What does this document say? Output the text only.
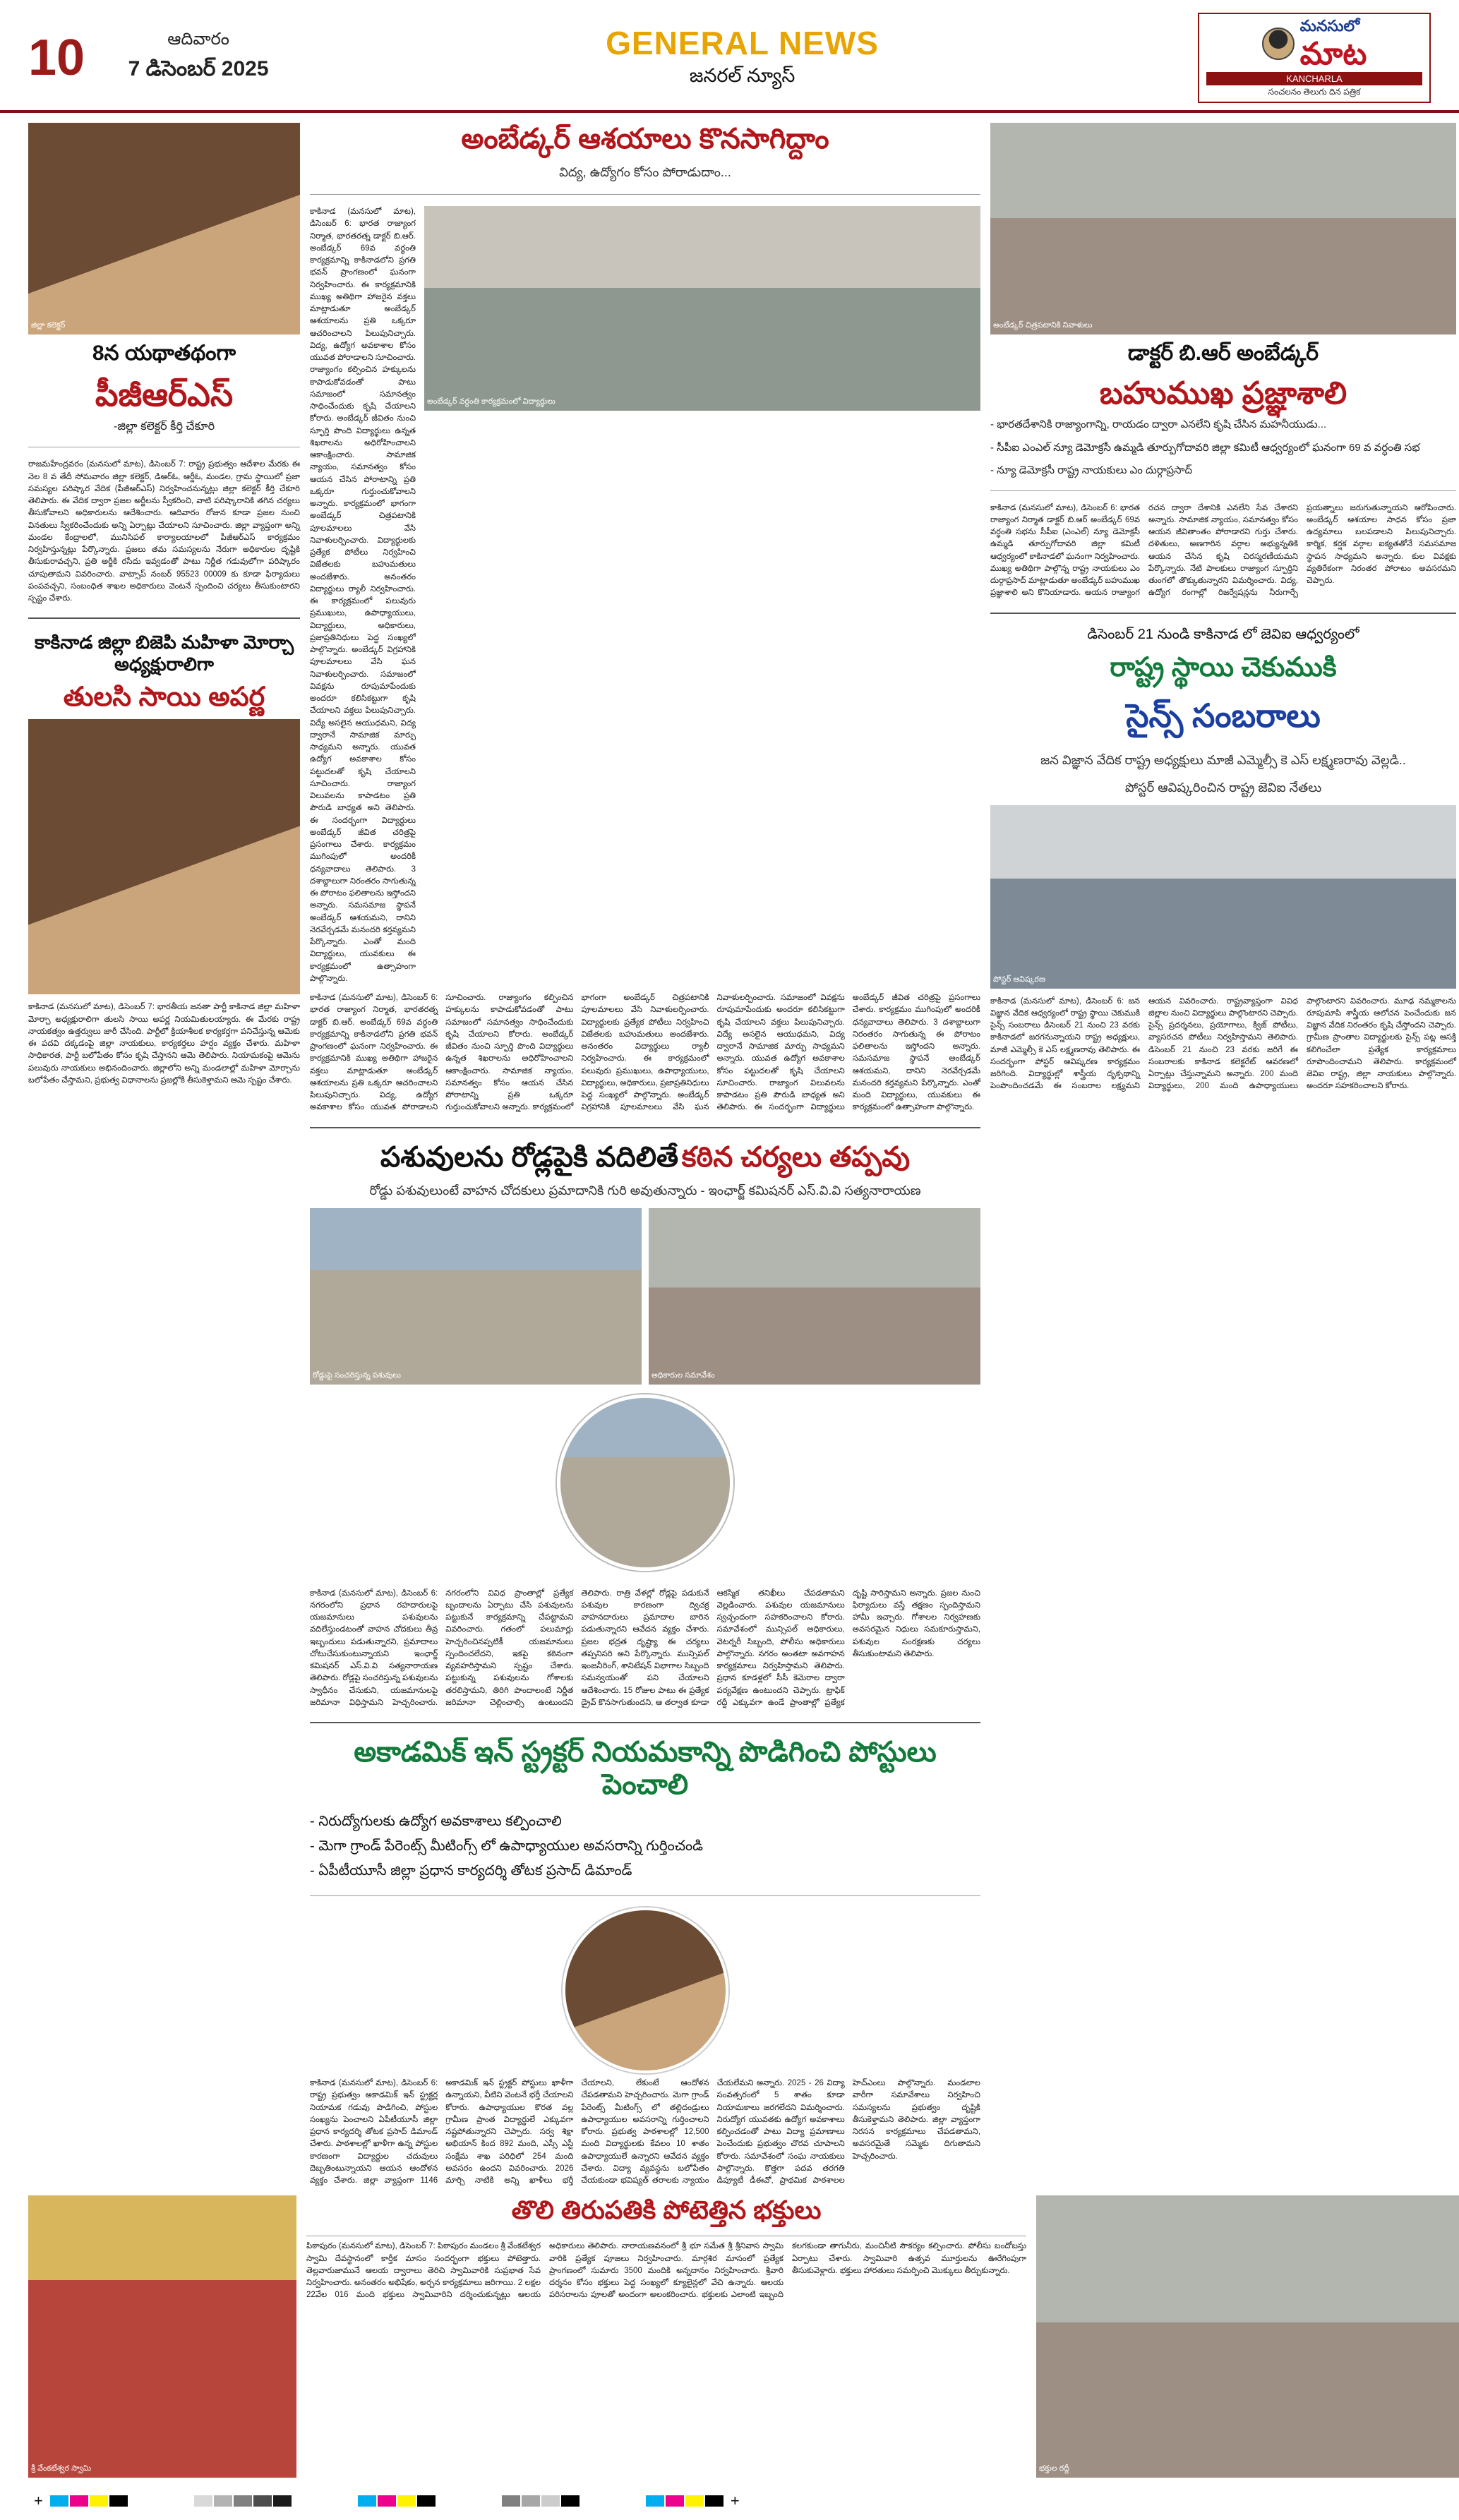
10	ఆదివారం
7 డిసెంబర్ 2025
GENERAL NEWS
జనరల్ న్యూస్
మనసులో
మాట
KANCHARLA
సంచలనం తెలుగు దిన పత్రిక
జిల్లా కలెక్టర్
8న యథాతథంగా
పీజీఆర్ఎస్
-జిల్లా కలెక్టర్ కీర్తి చేకూరి
రాజమహేంద్రవరం (మనసులో మాట), డిసెంబర్ 7: రాష్ట్ర ప్రభుత్వం ఆదేశాల మేరకు ఈ నెల 8 వ తేదీ సోమవారం జిల్లా కలెక్టర్, డిఆర్ఓ, ఆర్డీఓ, మండల, గ్రామ స్థాయిలో ప్రజా సమస్యల పరిష్కార వేదిక (పీజీఆర్ఎస్) నిర్వహించనున్నట్లు జిల్లా కలెక్టర్ కీర్తి చేకూరి తెలిపారు. ఈ వేదిక ద్వారా ప్రజల అర్జీలను స్వీకరించి, వాటి పరిష్కారానికి తగిన చర్యలు తీసుకోవాలని అధికారులను ఆదేశించారు. ఆదివారం రోజున కూడా ప్రజల నుంచి వినతులు స్వీకరించేందుకు అన్ని ఏర్పాట్లు చేయాలని సూచించారు. జిల్లా వ్యాప్తంగా అన్ని మండల కేంద్రాలలో, మునిసిపల్ కార్యాలయాలలో పీజీఆర్ఎస్ కార్యక్రమం నిర్వహిస్తున్నట్లు పేర్కొన్నారు. ప్రజలు తమ సమస్యలను నేరుగా అధికారుల దృష్టికి తీసుకురావచ్చని, ప్రతి అర్జీకి రసీదు ఇవ్వడంతో పాటు నిర్ణీత గడువులోగా పరిష్కారం చూపుతామని వివరించారు. వాట్సాప్ నంబర్ 95523 00009 కు కూడా ఫిర్యాదులు పంపవచ్చని, సంబంధిత శాఖల అధికారులు వెంటనే స్పందించి చర్యలు తీసుకుంటారని స్పష్టం చేశారు.
కాకినాడ జిల్లా బిజెపి మహిళా మోర్చా అధ్యక్షురాలిగా
తులసి సాయి అపర్ణ
కాకినాడ (మనసులో మాట), డిసెంబర్ 7: భారతీయ జనతా పార్టీ కాకినాడ జిల్లా మహిళా మోర్చా అధ్యక్షురాలిగా తులసి సాయి అపర్ణ నియమితులయ్యారు. ఈ మేరకు రాష్ట్ర నాయకత్వం ఉత్తర్వులు జారీ చేసింది. పార్టీలో క్రియాశీలక కార్యకర్తగా పనిచేస్తున్న ఆమెకు ఈ పదవి దక్కడంపై జిల్లా నాయకులు, కార్యకర్తలు హర్షం వ్యక్తం చేశారు. మహిళా సాధికారత, పార్టీ బలోపేతం కోసం కృషి చేస్తానని ఆమె తెలిపారు. నియామకంపై ఆమెను పలువురు నాయకులు అభినందించారు. జిల్లాలోని అన్ని మండలాల్లో మహిళా మోర్చాను బలోపేతం చేస్తామని, ప్రభుత్వ విధానాలను ప్రజల్లోకి తీసుకెళ్తామని ఆమె స్పష్టం చేశారు.
అంబేడ్కర్ ఆశయాలు కొనసాగిద్దాం
విద్య, ఉద్యోగం కోసం పోరాడుదాం...
కాకినాడ (మనసులో మాట), డిసెంబర్ 6: భారత రాజ్యాంగ నిర్మాత, భారతరత్న డాక్టర్ బి.ఆర్. అంబేడ్కర్ 69వ వర్ధంతి కార్యక్రమాన్ని కాకినాడలోని ప్రగతి భవన్ ప్రాంగణంలో ఘనంగా నిర్వహించారు. ఈ కార్యక్రమానికి ముఖ్య అతిథిగా హాజరైన వక్తలు మాట్లాడుతూ అంబేడ్కర్ ఆశయాలను ప్రతి ఒక్కరూ ఆచరించాలని పిలుపునిచ్చారు. విద్య, ఉద్యోగ అవకాశాల కోసం యువత పోరాడాలని సూచించారు. రాజ్యాంగం కల్పించిన హక్కులను కాపాడుకోవడంతో పాటు సమాజంలో సమానత్వం సాధించేందుకు కృషి చేయాలని కోరారు. అంబేడ్కర్ జీవితం నుంచి స్ఫూర్తి పొంది విద్యార్థులు ఉన్నత శిఖరాలను అధిరోహించాలని ఆకాంక్షించారు. సామాజిక న్యాయం, సమానత్వం కోసం ఆయన చేసిన పోరాటాన్ని ప్రతి ఒక్కరూ గుర్తుంచుకోవాలని అన్నారు. కార్యక్రమంలో భాగంగా అంబేడ్కర్ చిత్రపటానికి పూలమాలలు వేసి నివాళులర్పించారు. విద్యార్థులకు ప్రత్యేక పోటీలు నిర్వహించి విజేతలకు బహుమతులు అందజేశారు. అనంతరం విద్యార్థులు ర్యాలీ నిర్వహించారు. ఈ కార్యక్రమంలో పలువురు ప్రముఖులు, ఉపాధ్యాయులు, విద్యార్థులు, అధికారులు, ప్రజాప్రతినిధులు పెద్ద సంఖ్యలో పాల్గొన్నారు. అంబేడ్కర్ విగ్రహానికి పూలమాలలు వేసి ఘన నివాళులర్పించారు. సమాజంలో వివక్షను రూపుమాపేందుకు అందరూ కలిసికట్టుగా కృషి చేయాలని వక్తలు పిలుపునిచ్చారు. విద్యే అసలైన ఆయుధమని, విద్య ద్వారానే సామాజిక మార్పు సాధ్యమని అన్నారు. యువత ఉద్యోగ అవకాశాల కోసం పట్టుదలతో కృషి చేయాలని సూచించారు. రాజ్యాంగ విలువలను కాపాడటం ప్రతి పౌరుడి బాధ్యత అని తెలిపారు. ఈ సందర్భంగా విద్యార్థులు అంబేడ్కర్ జీవిత చరిత్రపై ప్రసంగాలు చేశారు. కార్యక్రమం ముగింపులో అందరికీ ధన్యవాదాలు తెలిపారు. 3 దశాబ్దాలుగా నిరంతరం సాగుతున్న ఈ పోరాటం ఫలితాలను ఇస్తోందని అన్నారు. సమసమాజ స్థాపనే అంబేడ్కర్ ఆశయమని, దానిని నెరవేర్చడమే మనందరి కర్తవ్యమని పేర్కొన్నారు. ఎంతో మంది విద్యార్థులు, యువకులు ఈ కార్యక్రమంలో ఉత్సాహంగా పాల్గొన్నారు.
అంబేడ్కర్ వర్ధంతి కార్యక్రమంలో విద్యార్థులు
కాకినాడ (మనసులో మాట), డిసెంబర్ 6: భారత రాజ్యాంగ నిర్మాత, భారతరత్న డాక్టర్ బి.ఆర్. అంబేడ్కర్ 69వ వర్ధంతి కార్యక్రమాన్ని కాకినాడలోని ప్రగతి భవన్ ప్రాంగణంలో ఘనంగా నిర్వహించారు. ఈ కార్యక్రమానికి ముఖ్య అతిథిగా హాజరైన వక్తలు మాట్లాడుతూ అంబేడ్కర్ ఆశయాలను ప్రతి ఒక్కరూ ఆచరించాలని పిలుపునిచ్చారు. విద్య, ఉద్యోగ అవకాశాల కోసం యువత పోరాడాలని సూచించారు. రాజ్యాంగం కల్పించిన హక్కులను కాపాడుకోవడంతో పాటు సమాజంలో సమానత్వం సాధించేందుకు కృషి చేయాలని కోరారు. అంబేడ్కర్ జీవితం నుంచి స్ఫూర్తి పొంది విద్యార్థులు ఉన్నత శిఖరాలను అధిరోహించాలని ఆకాంక్షించారు. సామాజిక న్యాయం, సమానత్వం కోసం ఆయన చేసిన పోరాటాన్ని ప్రతి ఒక్కరూ గుర్తుంచుకోవాలని అన్నారు. కార్యక్రమంలో భాగంగా అంబేడ్కర్ చిత్రపటానికి పూలమాలలు వేసి నివాళులర్పించారు. విద్యార్థులకు ప్రత్యేక పోటీలు నిర్వహించి విజేతలకు బహుమతులు అందజేశారు. అనంతరం విద్యార్థులు ర్యాలీ నిర్వహించారు. ఈ కార్యక్రమంలో పలువురు ప్రముఖులు, ఉపాధ్యాయులు, విద్యార్థులు, అధికారులు, ప్రజాప్రతినిధులు పెద్ద సంఖ్యలో పాల్గొన్నారు. అంబేడ్కర్ విగ్రహానికి పూలమాలలు వేసి ఘన నివాళులర్పించారు. సమాజంలో వివక్షను రూపుమాపేందుకు అందరూ కలిసికట్టుగా కృషి చేయాలని వక్తలు పిలుపునిచ్చారు. విద్యే అసలైన ఆయుధమని, విద్య ద్వారానే సామాజిక మార్పు సాధ్యమని అన్నారు. యువత ఉద్యోగ అవకాశాల కోసం పట్టుదలతో కృషి చేయాలని సూచించారు. రాజ్యాంగ విలువలను కాపాడటం ప్రతి పౌరుడి బాధ్యత అని తెలిపారు. ఈ సందర్భంగా విద్యార్థులు అంబేడ్కర్ జీవిత చరిత్రపై ప్రసంగాలు చేశారు. కార్యక్రమం ముగింపులో అందరికీ ధన్యవాదాలు తెలిపారు. 3 దశాబ్దాలుగా నిరంతరం సాగుతున్న ఈ పోరాటం ఫలితాలను ఇస్తోందని అన్నారు. సమసమాజ స్థాపనే అంబేడ్కర్ ఆశయమని, దానిని నెరవేర్చడమే మనందరి కర్తవ్యమని పేర్కొన్నారు. ఎంతో మంది విద్యార్థులు, యువకులు ఈ కార్యక్రమంలో ఉత్సాహంగా పాల్గొన్నారు.
పశువులను రోడ్లపైకి వదిలితే కఠిన చర్యలు తప్పవు
రోడ్డు పశువులుంటే వాహన చోదకులు ప్రమాదానికి గురి అవుతున్నారు - ఇంఛార్జ్ కమిషనర్ ఎస్.వి.వి సత్యనారాయణ
రోడ్డుపై సంచరిస్తున్న పశువులు	అధికారుల సమావేశం
కాకినాడ (మనసులో మాట), డిసెంబర్ 6: నగరంలోని ప్రధాన రహదారులపై యజమానులు పశువులను వదిలేస్తుండటంతో వాహన చోదకులు తీవ్ర ఇబ్బందులు పడుతున్నారని, ప్రమాదాలు చోటుచేసుకుంటున్నాయని ఇంఛార్జ్ కమిషనర్ ఎస్.వి.వి సత్యనారాయణ తెలిపారు. రోడ్లపై సంచరిస్తున్న పశువులను స్వాధీనం చేసుకుని, యజమానులపై జరిమానా విధిస్తామని హెచ్చరించారు. నగరంలోని వివిధ ప్రాంతాల్లో ప్రత్యేక బృందాలను ఏర్పాటు చేసి పశువులను పట్టుకునే కార్యక్రమాన్ని చేపట్టామని వివరించారు. గతంలో పలుమార్లు హెచ్చరించినప్పటికీ యజమానులు స్పందించలేదని, ఇకపై కఠినంగా వ్యవహరిస్తామని స్పష్టం చేశారు. పట్టుకున్న పశువులను గోశాలకు తరలిస్తామని, తిరిగి పొందాలంటే నిర్ణీత జరిమానా చెల్లించాల్సి ఉంటుందని తెలిపారు. రాత్రి వేళల్లో రోడ్లపై పడుకునే పశువుల కారణంగా ద్విచక్ర వాహనదారులు ప్రమాదాల బారిన పడుతున్నారని ఆవేదన వ్యక్తం చేశారు. ప్రజల భద్రత దృష్ట్యా ఈ చర్యలు తప్పనిసరి అని పేర్కొన్నారు. మున్సిపల్ ఇంజనీరింగ్, శానిటేషన్ విభాగాల సిబ్బంది సమన్వయంతో పని చేయాలని ఆదేశించారు. 15 రోజుల పాటు ఈ ప్రత్యేక డ్రైవ్ కొనసాగుతుందని, ఆ తర్వాత కూడా ఆకస్మిక తనిఖీలు చేపడతామని వెల్లడించారు. పశువుల యజమానులు స్వచ్ఛందంగా సహకరించాలని కోరారు. సమావేశంలో మున్సిపల్ అధికారులు, వెటర్నరీ సిబ్బంది, పోలీసు అధికారులు పాల్గొన్నారు. నగరం అంతటా అవగాహన కార్యక్రమాలు నిర్వహిస్తామని తెలిపారు. ప్రధాన కూడళ్లలో సీసీ కెమెరాల ద్వారా పర్యవేక్షణ ఉంటుందని చెప్పారు. ట్రాఫిక్ రద్దీ ఎక్కువగా ఉండే ప్రాంతాల్లో ప్రత్యేక దృష్టి సారిస్తామని అన్నారు. ప్రజల నుంచి ఫిర్యాదులు వస్తే తక్షణం స్పందిస్తామని హామీ ఇచ్చారు. గోశాలల నిర్వహణకు అవసరమైన నిధులు సమకూరుస్తామని, పశువుల సంరక్షణకు చర్యలు తీసుకుంటామని తెలిపారు.
అకాడమిక్ ఇన్ స్ట్రక్టర్ నియమకాన్ని పొడిగించి పోస్టులు పెంచాలి
- నిరుద్యోగులకు ఉద్యోగ అవకాశాలు కల్పించాలి
- మెగా గ్రాండ్ పేరెంట్స్ మీటింగ్స్ లో ఉపాధ్యాయుల అవసరాన్ని గుర్తించండి
- ఏపీటీయూసీ జిల్లా ప్రధాన కార్యదర్శి తోటక ప్రసాద్ డిమాండ్
కాకినాడ (మనసులో మాట), డిసెంబర్ 6: రాష్ట్ర ప్రభుత్వం అకాడమిక్ ఇన్ స్ట్రక్టర్ల నియామక గడువు పొడిగించి, పోస్టుల సంఖ్యను పెంచాలని ఏపీటీయూసీ జిల్లా ప్రధాన కార్యదర్శి తోటక ప్రసాద్ డిమాండ్ చేశారు. పాఠశాలల్లో ఖాళీగా ఉన్న పోస్టుల కారణంగా విద్యార్థుల చదువులు దెబ్బతింటున్నాయని ఆయన ఆందోళన వ్యక్తం చేశారు. జిల్లా వ్యాప్తంగా 1146 అకాడమిక్ ఇన్ స్ట్రక్టర్ పోస్టులు ఖాళీగా ఉన్నాయని, వీటిని వెంటనే భర్తీ చేయాలని కోరారు. ఉపాధ్యాయుల కొరత వల్ల గ్రామీణ ప్రాంత విద్యార్థులే ఎక్కువగా నష్టపోతున్నారని చెప్పారు. సర్వ శిక్షా అభియాన్ కింద 892 మంది, ఎస్సీ ఎస్టీ సంక్షేమ శాఖ పరిధిలో 254 మంది అవసరం ఉందని వివరించారు. 2026 మార్చి నాటికి అన్ని ఖాళీలు భర్తీ చేయాలని, లేకుంటే ఆందోళన చేపడతామని హెచ్చరించారు. మెగా గ్రాండ్ పేరెంట్స్ మీటింగ్స్ లో తల్లిదండ్రులు ఉపాధ్యాయుల అవసరాన్ని గుర్తించాలని కోరారు. ప్రభుత్వ పాఠశాలల్లో 12,500 మంది విద్యార్థులకు కేవలం 10 శాతం ఉపాధ్యాయులే ఉన్నారని ఆవేదన వ్యక్తం చేశారు. విద్యా వ్యవస్థను బలోపేతం చేయకుండా భవిష్యత్ తరాలకు న్యాయం చేయలేమని అన్నారు. 2025 - 26 విద్యా సంవత్సరంలో 5 శాతం కూడా నియామకాలు జరగలేదని విమర్శించారు. నిరుద్యోగ యువతకు ఉద్యోగ అవకాశాలు కల్పించడంతో పాటు విద్యా ప్రమాణాలు పెంచేందుకు ప్రభుత్వం చొరవ చూపాలని కోరారు. సమావేశంలో సంఘ నాయకులు పాల్గొన్నారు. కొత్తగా పదవ తరగతి డిప్యూటీ డీఈవో, ప్రాథమిక పాఠశాలల హెచ్ఎంలు పాల్గొన్నారు. మండలాల వారీగా సమావేశాలు నిర్వహించి సమస్యలను ప్రభుత్వం దృష్టికి తీసుకెళ్తామని తెలిపారు. జిల్లా వ్యాప్తంగా నిరసన కార్యక్రమాలు చేపడతామని, అవసరమైతే సమ్మెకు దిగుతామని హెచ్చరించారు.
అంబేడ్కర్ చిత్రపటానికి నివాళులు
డాక్టర్ బి.ఆర్ అంబేడ్కర్
బహుముఖ ప్రజ్ఞాశాలి
- భారతదేశానికి రాజ్యాంగాన్ని, రాయడం ద్వారా ఎనలేని కృషి చేసిన మహనీయుడు...
- సీపీఐ ఎంఎల్ న్యూ డెమోక్రసీ ఉమ్మడి తూర్పుగోదావరి జిల్లా కమిటీ ఆధ్వర్యంలో ఘనంగా 69 వ వర్ధంతి సభ
- న్యూ డెమోక్రసీ రాష్ట్ర నాయకులు ఎం దుర్గాప్రసాద్
కాకినాడ (మనసులో మాట), డిసెంబర్ 6: భారత రాజ్యాంగ నిర్మాత డాక్టర్ బి.ఆర్ అంబేడ్కర్ 69వ వర్ధంతి సభను సీపీఐ (ఎంఎల్) న్యూ డెమోక్రసీ ఉమ్మడి తూర్పుగోదావరి జిల్లా కమిటీ ఆధ్వర్యంలో కాకినాడలో ఘనంగా నిర్వహించారు. ముఖ్య అతిథిగా పాల్గొన్న రాష్ట్ర నాయకులు ఎం దుర్గాప్రసాద్ మాట్లాడుతూ అంబేడ్కర్ బహుముఖ ప్రజ్ఞాశాలి అని కొనియాడారు. ఆయన రాజ్యాంగ రచన ద్వారా దేశానికి ఎనలేని సేవ చేశారని అన్నారు. సామాజిక న్యాయం, సమానత్వం కోసం ఆయన జీవితాంతం పోరాడారని గుర్తు చేశారు. దళితులు, అణగారిన వర్గాల అభ్యున్నతికి ఆయన చేసిన కృషి చిరస్మరణీయమని పేర్కొన్నారు. నేటి పాలకులు రాజ్యాంగ స్ఫూర్తిని తుంగలో తొక్కుతున్నారని విమర్శించారు. విద్య, ఉద్యోగ రంగాల్లో రిజర్వేషన్లను నీరుగార్చే ప్రయత్నాలు జరుగుతున్నాయని ఆరోపించారు. అంబేడ్కర్ ఆశయాల సాధన కోసం ప్రజా ఉద్యమాలు బలపడాలని పిలుపునిచ్చారు. కార్మిక, కర్షక వర్గాల ఐక్యతతోనే సమసమాజ స్థాపన సాధ్యమని అన్నారు. కుల వివక్షకు వ్యతిరేకంగా నిరంతర పోరాటం అవసరమని చెప్పారు.
డిసెంబర్ 21 నుండి కాకినాడ లో జెవిఐ ఆధ్వర్యంలో
రాష్ట్ర స్థాయి చెకుముకి
సైన్స్ సంబరాలు
జన విజ్ఞాన వేదిక రాష్ట్ర అధ్యక్షులు మాజీ ఎమ్మెల్సీ కె ఎస్ లక్ష్మణరావు వెల్లడి..
పోస్టర్ ఆవిష్కరించిన రాష్ట్ర జెవిఐ నేతలు
పోస్టర్ ఆవిష్కరణ
కాకినాడ (మనసులో మాట), డిసెంబర్ 6: జన విజ్ఞాన వేదిక ఆధ్వర్యంలో రాష్ట్ర స్థాయి చెకుముకి సైన్స్ సంబరాలు డిసెంబర్ 21 నుంచి 23 వరకు కాకినాడలో జరగనున్నాయని రాష్ట్ర అధ్యక్షులు, మాజీ ఎమ్మెల్సీ కె ఎస్ లక్ష్మణరావు తెలిపారు. ఈ సందర్భంగా పోస్టర్ ఆవిష్కరణ కార్యక్రమం జరిగింది. విద్యార్థుల్లో శాస్త్రీయ దృక్పథాన్ని పెంపొందించడమే ఈ సంబరాల లక్ష్యమని ఆయన వివరించారు. రాష్ట్రవ్యాప్తంగా వివిధ జిల్లాల నుంచి విద్యార్థులు పాల్గొంటారని చెప్పారు. సైన్స్ ప్రదర్శనలు, ప్రయోగాలు, క్విజ్ పోటీలు, వ్యాసరచన పోటీలు నిర్వహిస్తామని తెలిపారు. డిసెంబర్ 21 నుంచి 23 వరకు జరిగే ఈ సంబరాలకు కాకినాడ కలెక్టరేట్ ఆవరణలో ఏర్పాట్లు చేస్తున్నామని అన్నారు. 200 మంది విద్యార్థులు, 200 మంది ఉపాధ్యాయులు పాల్గొంటారని వివరించారు. మూఢ నమ్మకాలను రూపుమాపి శాస్త్రీయ ఆలోచన పెంచేందుకు జన విజ్ఞాన వేదిక నిరంతరం కృషి చేస్తోందని చెప్పారు. గ్రామీణ ప్రాంతాల విద్యార్థులకు సైన్స్ పట్ల ఆసక్తి కలిగించేలా ప్రత్యేక కార్యక్రమాలు రూపొందించామని తెలిపారు. కార్యక్రమంలో జెవిఐ రాష్ట్ర, జిల్లా నాయకులు పాల్గొన్నారు. అందరూ సహకరించాలని కోరారు.
శ్రీ వేంకటేశ్వర స్వామి
తొలి తిరుపతికి పోటెత్తిన భక్తులు
పిఠాపురం (మనసులో మాట), డిసెంబర్ 7: పిఠాపురం మండలం శ్రీ వేంకటేశ్వర స్వామి దేవస్థానంలో కార్తీక మాసం సందర్భంగా భక్తులు పోటెత్తారు. తెల్లవారుజామునే ఆలయ ద్వారాలు తెరిచి స్వామివారికి సుప్రభాత సేవ నిర్వహించారు. అనంతరం అభిషేకం, అర్చన కార్యక్రమాలు జరిగాయి. 2 లక్షల 22వేల 016 మంది భక్తులు స్వామివారిని దర్శించుకున్నట్లు ఆలయ అధికారులు తెలిపారు. నారాయణవనంలో శ్రీ భూ సమేత శ్రీ శ్రీనివాస స్వామి వారికి ప్రత్యేక పూజలు నిర్వహించారు. మార్గశిర మాసంలో ప్రత్యేక ప్రాంగణంలో సుమారు 3500 మందికి అన్నదానం నిర్వహించారు. శ్రీవారి దర్శనం కోసం భక్తులు పెద్ద సంఖ్యలో క్యూలైన్లలో వేచి ఉన్నారు. ఆలయ పరిసరాలను పూలతో అందంగా అలంకరించారు. భక్తులకు ఎలాంటి ఇబ్బంది కలగకుండా తాగునీరు, మంచినీటి సౌకర్యం కల్పించారు. పోలీసు బందోబస్తు ఏర్పాటు చేశారు. స్వామివారి ఉత్సవ మూర్తులను ఊరేగింపుగా తీసుకువెళ్లారు. భక్తులు హారతులు సమర్పించి మొక్కులు తీర్చుకున్నారు.
భక్తుల రద్దీ
+	+
